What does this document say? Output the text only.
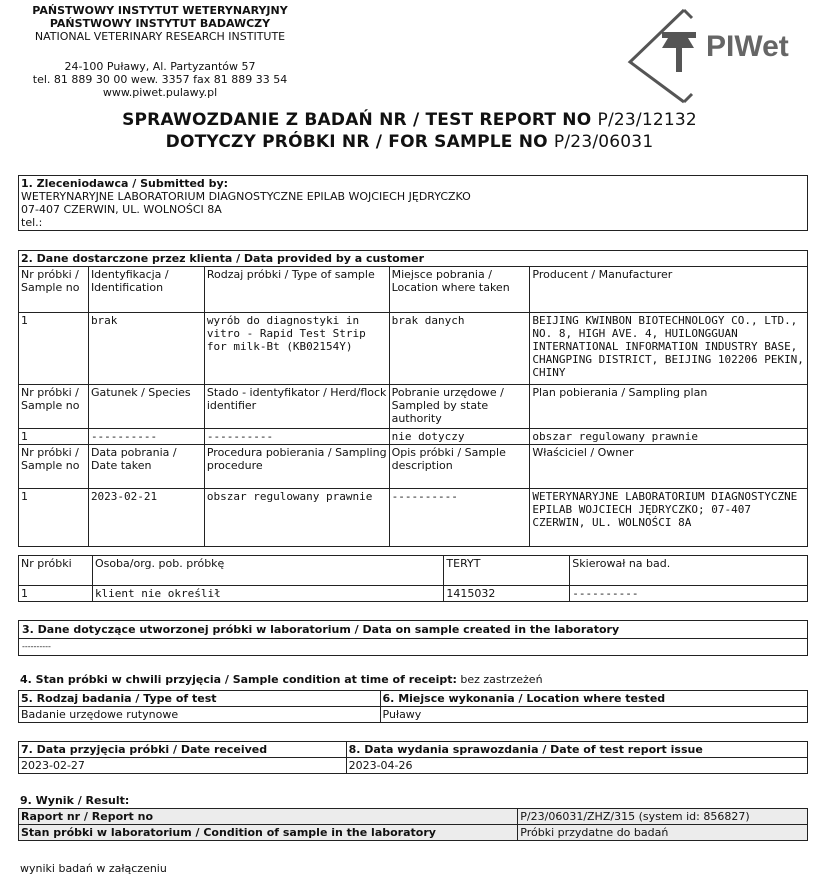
PAŃSTWOWY INSTYTUT WETERYNARYJNY
PAŃSTWOWY INSTYTUT BADAWCZY
NATIONAL VETERINARY RESEARCH INSTITUTE
24-100 Puławy, Al. Partyzantów 57
tel. 81 889 30 00 wew. 3357 fax 81 889 33 54
www.piwet.pulawy.pl
PIWet
SPRAWOZDANIE Z BADAŃ NR / TEST REPORT NO P/23/12132
DOTYCZY PRÓBKI NR / FOR SAMPLE NO P/23/06031
1. Zleceniodawca / Submitted by:
WETERYNARYJNE LABORATORIUM DIAGNOSTYCZNE EPILAB WOJCIECH JĘDRYCZKO
07-407 CZERWIN, UL. WOLNOŚCI 8A
tel.:
2. Dane dostarczone przez klienta / Data provided by a customer				
Nr próbki / Sample no	Identyfikacja / Identification	Rodzaj próbki / Type of sample	Miejsce pobrania / Location where taken	Producent / Manufacturer
1	brak	wyrób do diagnostyki in vitro - Rapid Test Strip for milk-Bt (KB02154Y)	brak danych	BEIJING KWINBON BIOTECHNOLOGY CO., LTD., NO. 8, HIGH AVE. 4, HUILONGGUAN INTERNATIONAL INFORMATION INDUSTRY BASE, CHANGPING DISTRICT, BEIJING 102206 PEKIN, CHINY
Nr próbki / Sample no	Gatunek / Species	Stado - identyfikator / Herd/flock identifier	Pobranie urzędowe / Sampled by state authority	Plan pobierania / Sampling plan
1	----------	----------	nie dotyczy	obszar regulowany prawnie
Nr próbki / Sample no	Data pobrania / Date taken	Procedura pobierania / Sampling procedure	Opis próbki / Sample description	Właściciel / Owner
1	2023-02-21	obszar regulowany prawnie	----------	WETERYNARYJNE LABORATORIUM DIAGNOSTYCZNE EPILAB WOJCIECH JĘDRYCZKO; 07-407 CZERWIN, UL. WOLNOŚCI 8A
Nr próbki	Osoba/org. pob. próbkę	TERYT	Skierował na bad.
1	klient nie określił	1415032	----------
3. Dane dotyczące utworzonej próbki w laboratorium / Data on sample created in the laboratory
----------
4. Stan próbki w chwili przyjęcia / Sample condition at time of receipt: bez zastrzeżeń
5. Rodzaj badania / Type of test	6. Miejsce wykonania / Location where tested
Badanie urzędowe rutynowe	Puławy
7. Data przyjęcia próbki / Date received	8. Data wydania sprawozdania / Date of test report issue
2023-02-27	2023-04-26
9. Wynik / Result:
Raport nr / Report no	P/23/06031/ZHZ/315 (system id: 856827)
Stan próbki w laboratorium / Condition of sample in the laboratory	Próbki przydatne do badań
wyniki badań w załączeniu
